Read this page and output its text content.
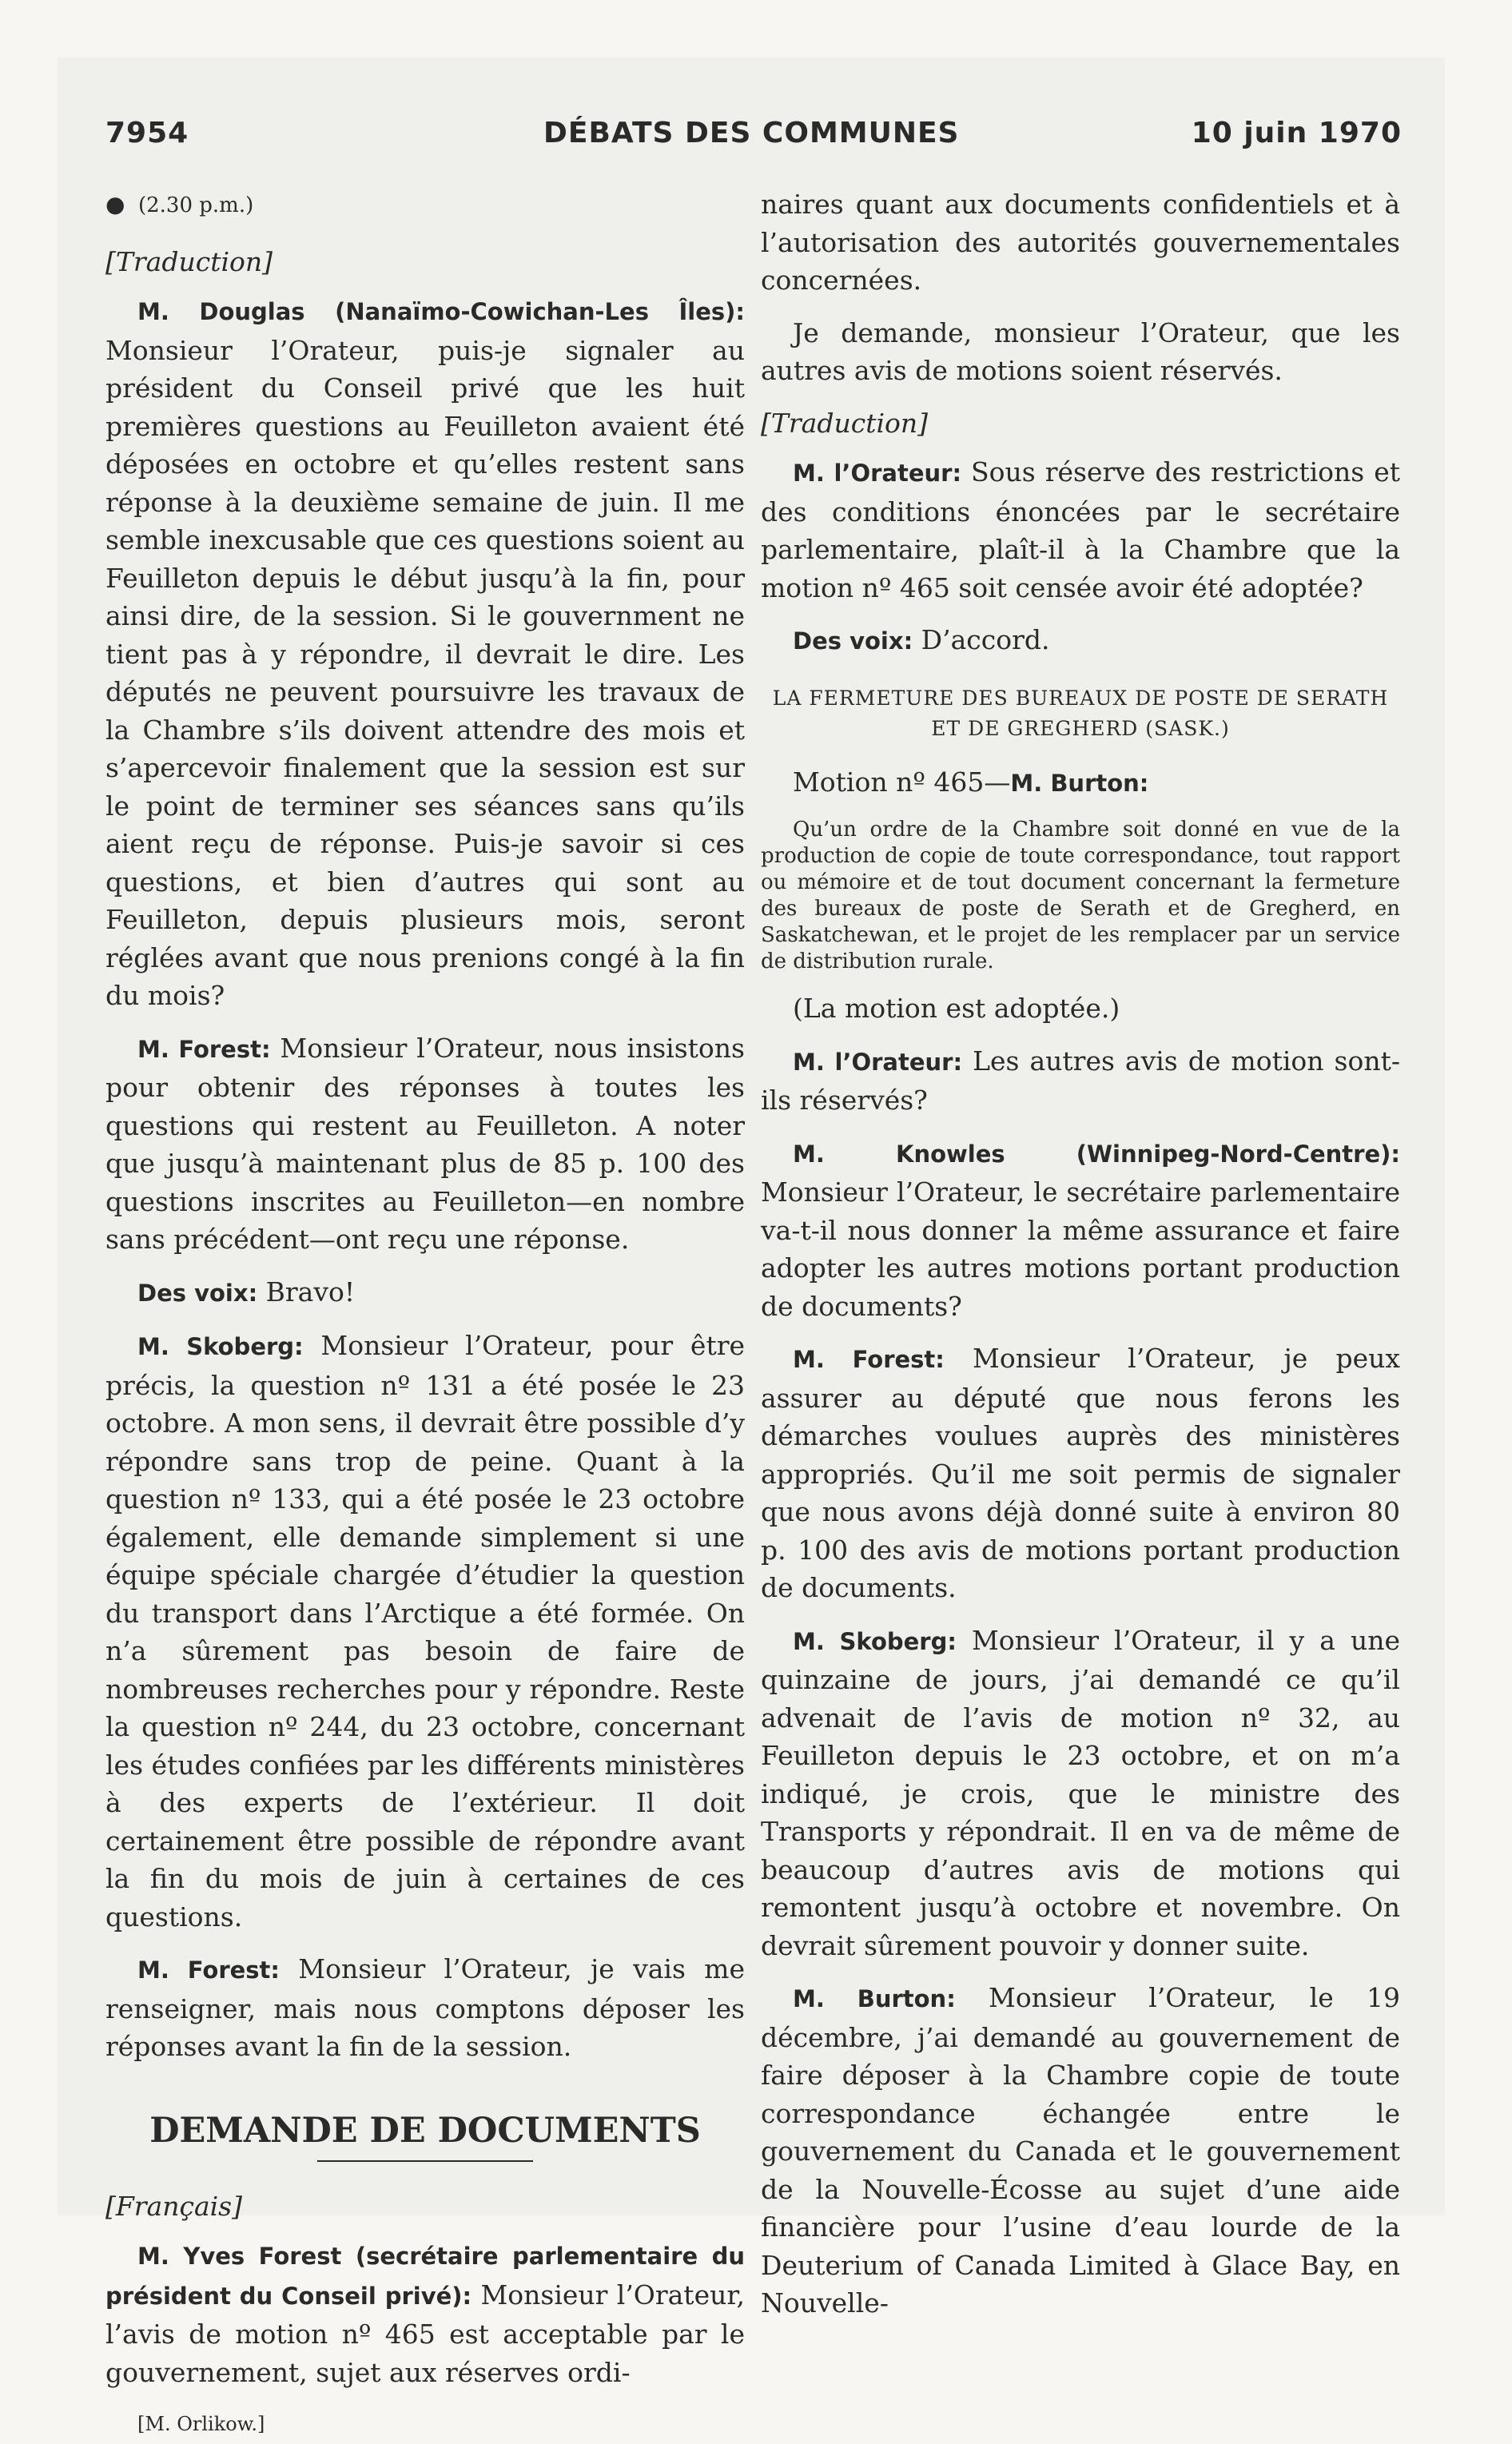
7954	DÉBATS DES COMMUNES	10 juin 1970
● (2.30 p.m.)
[Traduction]

M. Douglas (Nanaïmo-Cowichan-Les Îles): Monsieur l’Orateur, puis-je signaler au président du Conseil privé que les huit premières questions au Feuilleton avaient été déposées en octobre et qu’elles restent sans réponse à la deuxième semaine de juin. Il me semble inexcusable que ces questions soient au Feuilleton depuis le début jusqu’à la fin, pour ainsi dire, de la session. Si le gouvernment ne tient pas à y répondre, il devrait le dire. Les députés ne peuvent poursuivre les travaux de la Chambre s’ils doivent attendre des mois et s’apercevoir finalement que la session est sur le point de terminer ses séances sans qu’ils aient reçu de réponse. Puis-je savoir si ces questions, et bien d’autres qui sont au Feuilleton, depuis plusieurs mois, seront réglées avant que nous prenions congé à la fin du mois?

M. Forest: Monsieur l’Orateur, nous insistons pour obtenir des réponses à toutes les questions qui restent au Feuilleton. A noter que jusqu’à maintenant plus de 85 p. 100 des questions inscrites au Feuilleton—en nombre sans précédent—ont reçu une réponse.

Des voix: Bravo!

M. Skoberg: Monsieur l’Orateur, pour être précis, la question nº 131 a été posée le 23 octobre. A mon sens, il devrait être possible d’y répondre sans trop de peine. Quant à la question nº 133, qui a été posée le 23 octobre également, elle demande simplement si une équipe spéciale chargée d’étudier la question du transport dans l’Arctique a été formée. On n’a sûrement pas besoin de faire de nombreuses recherches pour y répondre. Reste la question nº 244, du 23 octobre, concernant les études confiées par les différents ministères à des experts de l’extérieur. Il doit certainement être possible de répondre avant la fin du mois de juin à certaines de ces questions.

M. Forest: Monsieur l’Orateur, je vais me renseigner, mais nous comptons déposer les réponses avant la fin de la session.

DEMANDE DE DOCUMENTS
[Français]

M. Yves Forest (secrétaire parlementaire du président du Conseil privé): Monsieur l’Orateur, l’avis de motion nº 465 est acceptable par le gouvernement, sujet aux réserves ordi-

[M. Orlikow.]

naires quant aux documents confidentiels et à l’autorisation des autorités gouvernementales concernées.

Je demande, monsieur l’Orateur, que les autres avis de motions soient réservés.

[Traduction]

M. l’Orateur: Sous réserve des restrictions et des conditions énoncées par le secrétaire parlementaire, plaît-il à la Chambre que la motion nº 465 soit censée avoir été adoptée?

Des voix: D’accord.

LA FERMETURE DES BUREAUX DE POSTE DE SERATH ET DE GREGHERD (SASK.)

Motion nº 465—M. Burton:

Qu’un ordre de la Chambre soit donné en vue de la production de copie de toute correspondance, tout rapport ou mémoire et de tout document concernant la fermeture des bureaux de poste de Serath et de Gregherd, en Saskatchewan, et le projet de les remplacer par un service de distribution rurale.

(La motion est adoptée.)

M. l’Orateur: Les autres avis de motion sont-ils réservés?

M. Knowles (Winnipeg-Nord-Centre): Monsieur l’Orateur, le secrétaire parlementaire va-t-il nous donner la même assurance et faire adopter les autres motions portant production de documents?

M. Forest: Monsieur l’Orateur, je peux assurer au député que nous ferons les démarches voulues auprès des ministères appropriés. Qu’il me soit permis de signaler que nous avons déjà donné suite à environ 80 p. 100 des avis de motions portant production de documents.

M. Skoberg: Monsieur l’Orateur, il y a une quinzaine de jours, j’ai demandé ce qu’il advenait de l’avis de motion nº 32, au Feuilleton depuis le 23 octobre, et on m’a indiqué, je crois, que le ministre des Transports y répondrait. Il en va de même de beaucoup d’autres avis de motions qui remontent jusqu’à octobre et novembre. On devrait sûrement pouvoir y donner suite.

M. Burton: Monsieur l’Orateur, le 19 décembre, j’ai demandé au gouvernement de faire déposer à la Chambre copie de toute correspondance échangée entre le gouvernement du Canada et le gouvernement de la Nouvelle-Écosse au sujet d’une aide financière pour l’usine d’eau lourde de la Deuterium of Canada Limited à Glace Bay, en Nouvelle-
